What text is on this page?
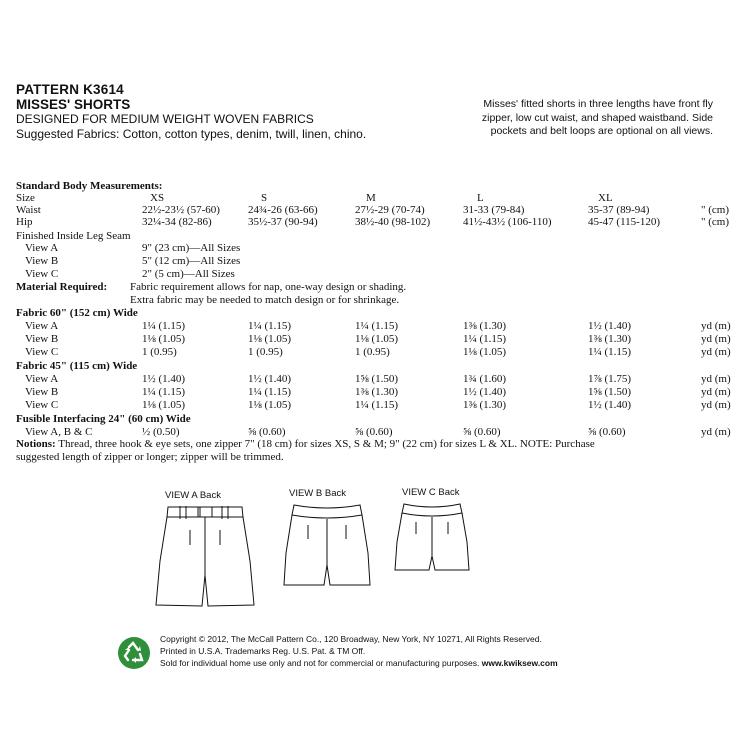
PATTERN K3614
MISSES' SHORTS
DESIGNED FOR MEDIUM WEIGHT WOVEN FABRICS
Suggested Fabrics: Cotton, cotton types, denim, twill, linen, chino.
Misses' fitted shorts in three lengths have front fly zipper, low cut waist, and shaped waistband. Side pockets and belt loops are optional on all views.
Standard Body Measurements:
Size	XS	S	M	L	XL
Waist	22½-23½ (57-60)	24¾-26 (63-66)	27½-29 (70-74)	31-33 (79-84)	35-37 (89-94)	" (cm)
Hip	32¼-34 (82-86)	35½-37 (90-94)	38½-40 (98-102)	41½-43½ (106-110)	45-47 (115-120)	" (cm)
Finished Inside Leg Seam
View A	9" (23 cm)—All Sizes
View B	5" (12 cm)—All Sizes
View C	2" (5 cm)—All Sizes
Material Required: Fabric requirement allows for nap, one-way design or shading.
Extra fabric may be needed to match design or for shrinkage.
Fabric 60" (152 cm) Wide
View A	1¼ (1.15)	1¼ (1.15)	1¼ (1.15)	1⅜ (1.30)	1½ (1.40)	yd (m)
View B	1⅛ (1.05)	1⅛ (1.05)	1⅛ (1.05)	1¼ (1.15)	1⅜ (1.30)	yd (m)
View C	1 (0.95)	1 (0.95)	1 (0.95)	1⅛ (1.05)	1¼ (1.15)	yd (m)
Fabric 45" (115 cm) Wide
View A	1½ (1.40)	1½ (1.40)	1⅝ (1.50)	1¾ (1.60)	1⅞ (1.75)	yd (m)
View B	1¼ (1.15)	1¼ (1.15)	1⅜ (1.30)	1½ (1.40)	1⅝ (1.50)	yd (m)
View C	1⅛ (1.05)	1⅛ (1.05)	1¼ (1.15)	1⅜ (1.30)	1½ (1.40)	yd (m)
Fusible Interfacing 24" (60 cm) Wide
View A, B & C	½ (0.50)	⅝ (0.60)	⅝ (0.60)	⅝ (0.60)	⅝ (0.60)	yd (m)
Notions: Thread, three hook & eye sets, one zipper 7" (18 cm) for sizes XS, S & M; 9" (22 cm) for sizes L & XL. NOTE: Purchase
suggested length of zipper or longer; zipper will be trimmed.
VIEW A Back	VIEW B Back	VIEW C Back
Copyright © 2012, The McCall Pattern Co., 120 Broadway, New York, NY 10271, All Rights Reserved.
Printed in U.S.A. Trademarks Reg. U.S. Pat. & TM Off.
Sold for individual home use only and not for commercial or manufacturing purposes. www.kwiksew.com
